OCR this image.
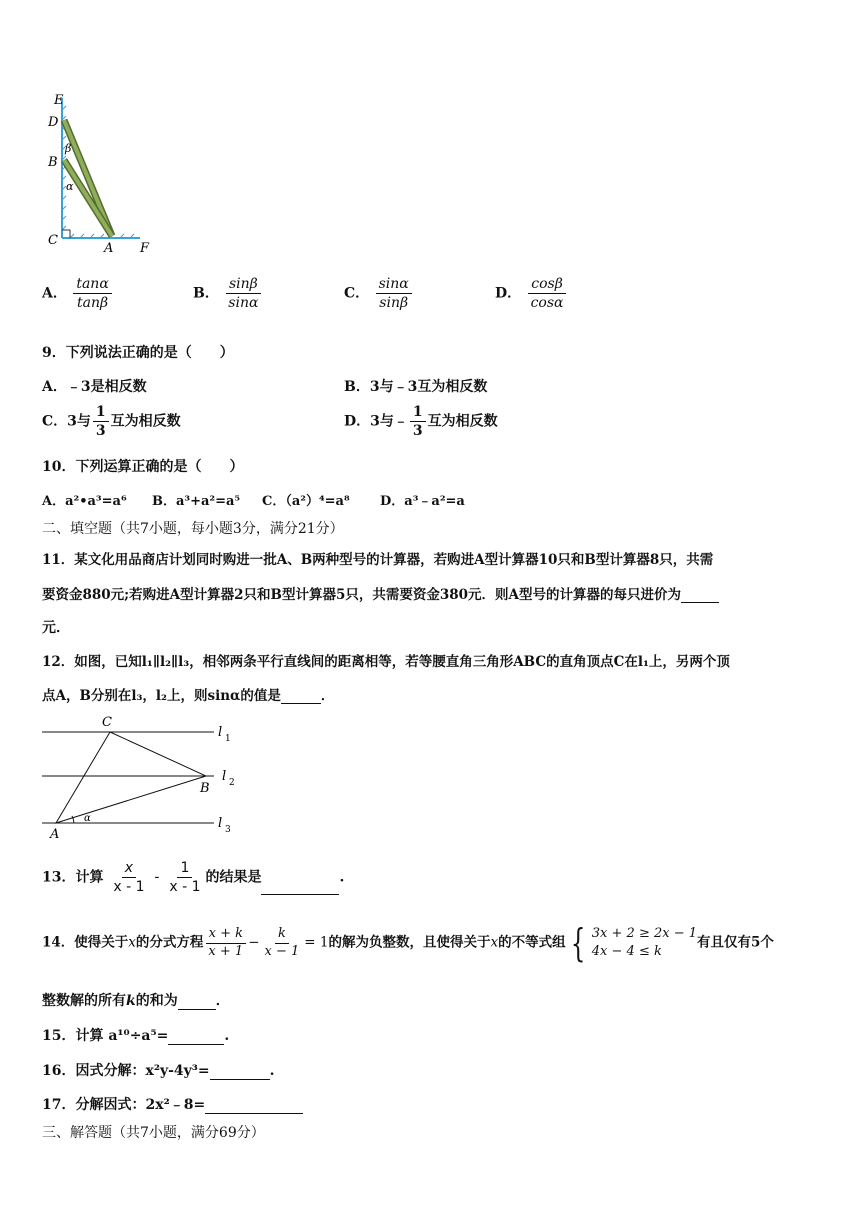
E
D
B
C
A F
β
α
A． $\frac{\tan\alpha}{\tan\beta}$	B． $\frac{\sin\beta}{\sin\alpha}$	C． $\frac{\sin\alpha}{\sin\beta}$	D． $\frac{\cos\beta}{\cos\alpha}$
9．下列说法正确的是（　　）
A．﹣3是相反数	B．3与﹣3互为相反数
C．3与 $\frac{1}{3}$ 互为相反数	D．3与﹣ $\frac{1}{3}$ 互为相反数
10．下列运算正确的是（　　）
A．a²•a³=a⁶ B．a³+a²=a⁵ C．（a²）⁴=a⁸ D．a³﹣a²=a
二、填空题（共7小题，每小题3分，满分21分）
11．某文化用品商店计划同时购进一批A、B两种型号的计算器，若购进A型计算器10只和B型计算器8只，共需
要资金880元;若购进A型计算器2只和B型计算器5只，共需要资金380元．则A型号的计算器的每只进价为
元．
12．如图，已知l₁∥l₂∥l₃，相邻两条平行直线间的距离相等，若等腰直角三角形ABC的直角顶点C在l₁上，另两个顶
点A，B分别在l₃，l₂上，则sinα的值是	．
C
B
A
α
l 1
l 2
l 3
13．计算 $\frac{x}{x - 1} - \frac{1}{x - 1}$ 的结果是	.
14．使得关于x的分式方程 $\frac{x + k}{x + 1} - \frac{k}{x - 1} = 1$的解为负整数，且使得关于x的不等式组 { 3x + 2 ≥ 2x − 1
4x − 4 ≤ k
有且仅有5个
整数解的所有k的和为	．
15．计算 a¹⁰÷a⁵=	.
16．因式分解：x²y-4y³=	.
17．分解因式：2x²﹣8=
三、解答题（共7小题，满分69分）
